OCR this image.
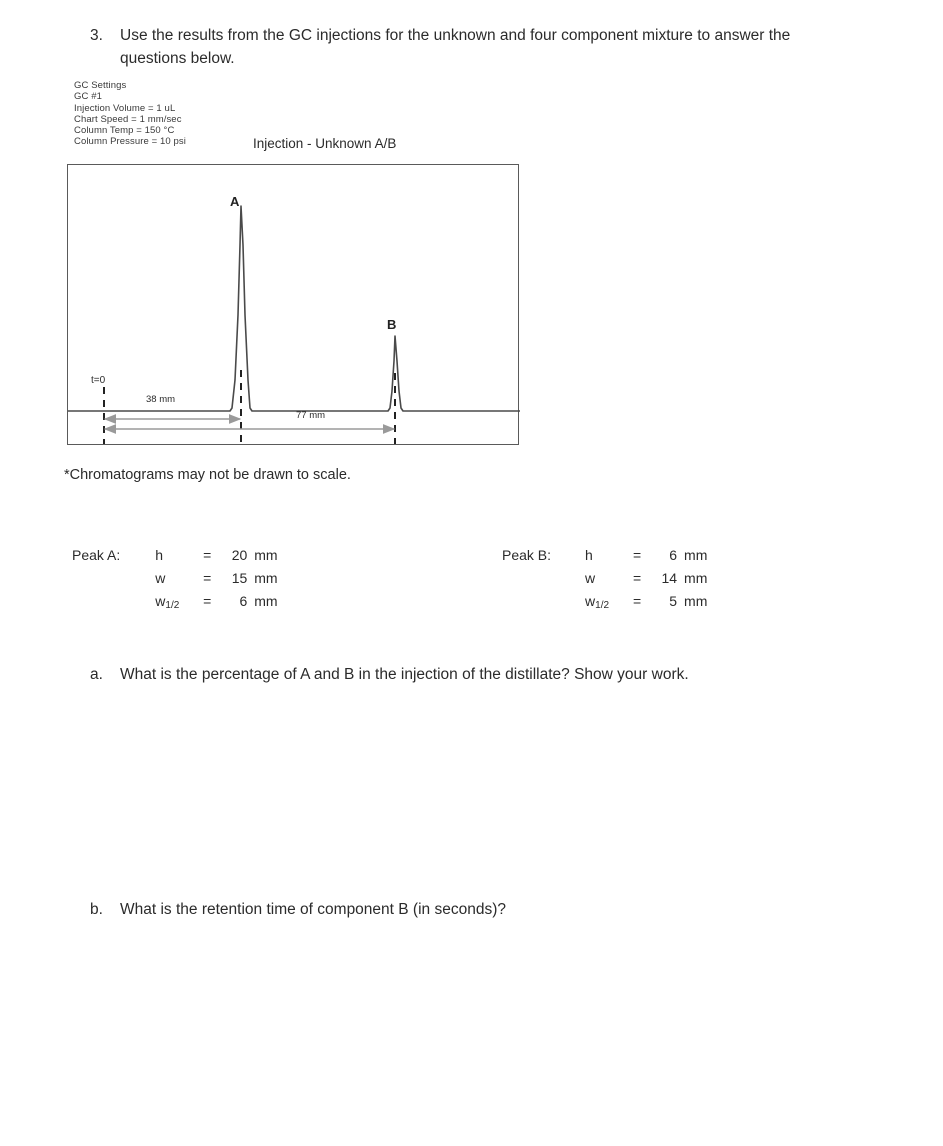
3.	Use the results from the GC injections for the unknown and four component mixture to answer the questions below.
GC Settings
GC #1
Injection Volume = 1 uL
Chart Speed = 1 mm/sec
Column Temp = 150 °C
Column Pressure = 10 psi	Injection - Unknown A/B
A
B
t=0
38 mm
77 mm
*Chromatograms may not be drawn to scale.
Peak A:	h	=	20	mm
w	=	15	mm
w1/2	=	6	mm
Peak B: h	=	6	mm
w	=	14	mm
w1/2	=	5	mm
a.	What is the percentage of A and B in the injection of the distillate? Show your work.
b.	What is the retention time of component B (in seconds)?
